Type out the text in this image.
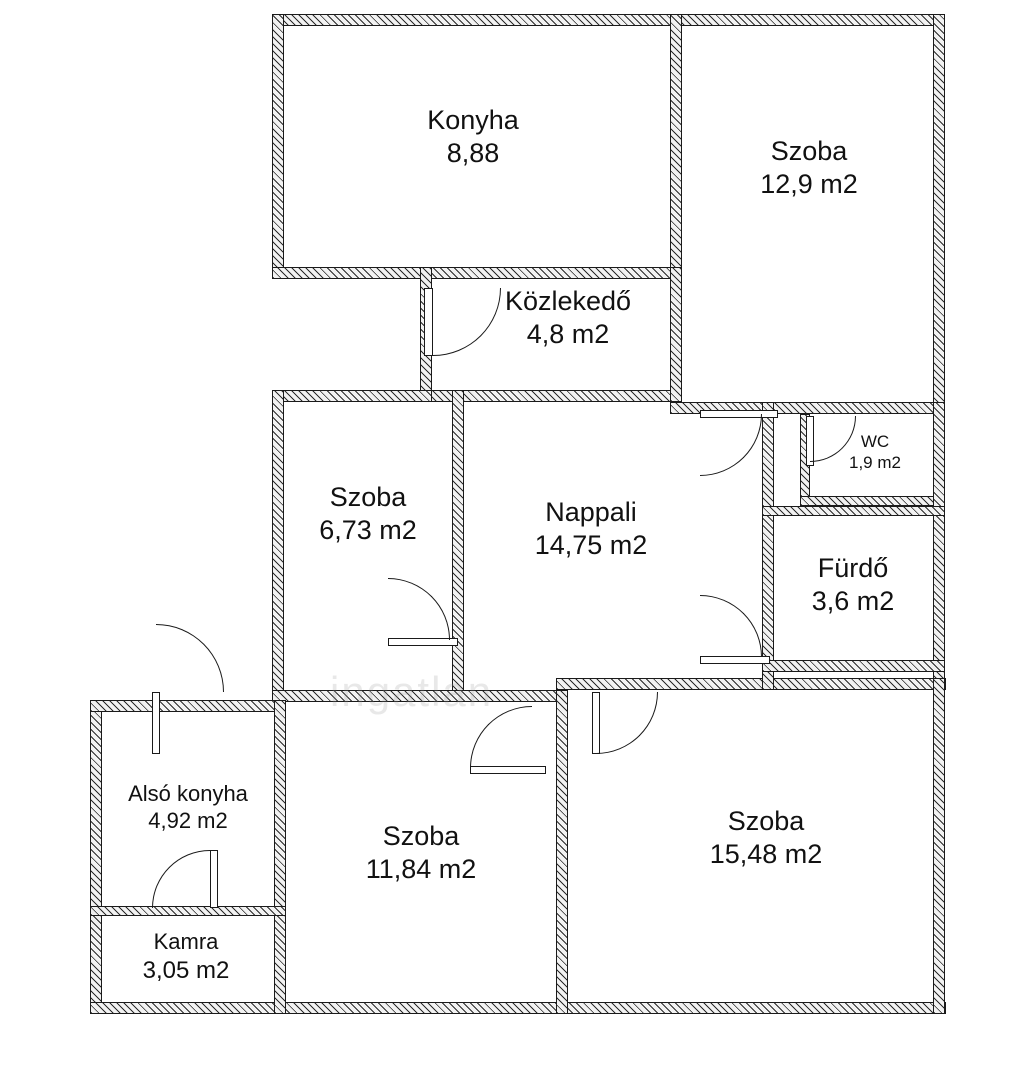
Konyha
8,88	Szoba
12,9 m2
Közlekedő
4,8 m2
Szoba
6,73 m2
Nappali
14,75 m2
WC
1,9 m2
Fürdő
3,6 m2
Alsó konyha
4,92 m2
Kamra
3,05 m2
Szoba
11,84 m2
Szoba
15,48 m2
ingatlan
